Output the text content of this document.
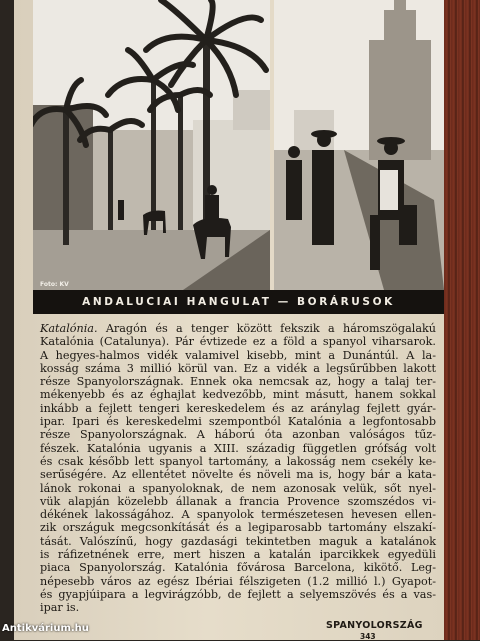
Foto: KV
ANDALUCIAI HANGULAT — BORÁRUSOK
Katalónia. Aragón és a tenger között fekszik a háromszögalakú
Katalónia (Catalunya). Pár évtizede ez a föld a spanyol viharsarok.
A hegyes-halmos vidék valamivel kisebb, mint a Dunántúl. A la-
kosság száma 3 millió körül van. Ez a vidék a legsűrűbben lakott
része Spanyolországnak. Ennek oka nemcsak az, hogy a talaj ter-
mékenyebb és az éghajlat kedvezőbb, mint másutt, hanem sokkal
inkább a fejlett tengeri kereskedelem és az aránylag fejlett gyár-
ipar. Ipari és kereskedelmi szempontból Katalónia a legfontosabb
része Spanyolországnak. A háború óta azonban valóságos tűz-
fészek. Katalónia ugyanis a XIII. századig független grófság volt
és csak később lett spanyol tartomány, a lakosság nem csekély ke-
serűségére. Az ellentétet növelte és növeli ma is, hogy bár a kata-
lánok rokonai a spanyoloknak, de nem azonosak velük, sőt nyel-
vük alapján közelebb állanak a francia Provence szomszédos vi-
dékének lakosságához. A spanyolok természetesen hevesen ellen-
zik országuk megcsonkítását és a legiparosabb tartomány elszakí-
tását. Valószínű, hogy gazdasági tekintetben maguk a katalánok
is ráfizetnének erre, mert hiszen a katalán iparcikkek egyedüli
piaca Spanyolország. Katalónia fővárosa Barcelona, kikötő. Leg-
népesebb város az egész Ibériai félszigeten (1.2 millió l.) Gyapot-
és gyapjúipara a legvirágzóbb, de fejlett a selyemszövés és a vas-
ipar is.
SPANYOLORSZÁG
343
Antikvárium.hu
